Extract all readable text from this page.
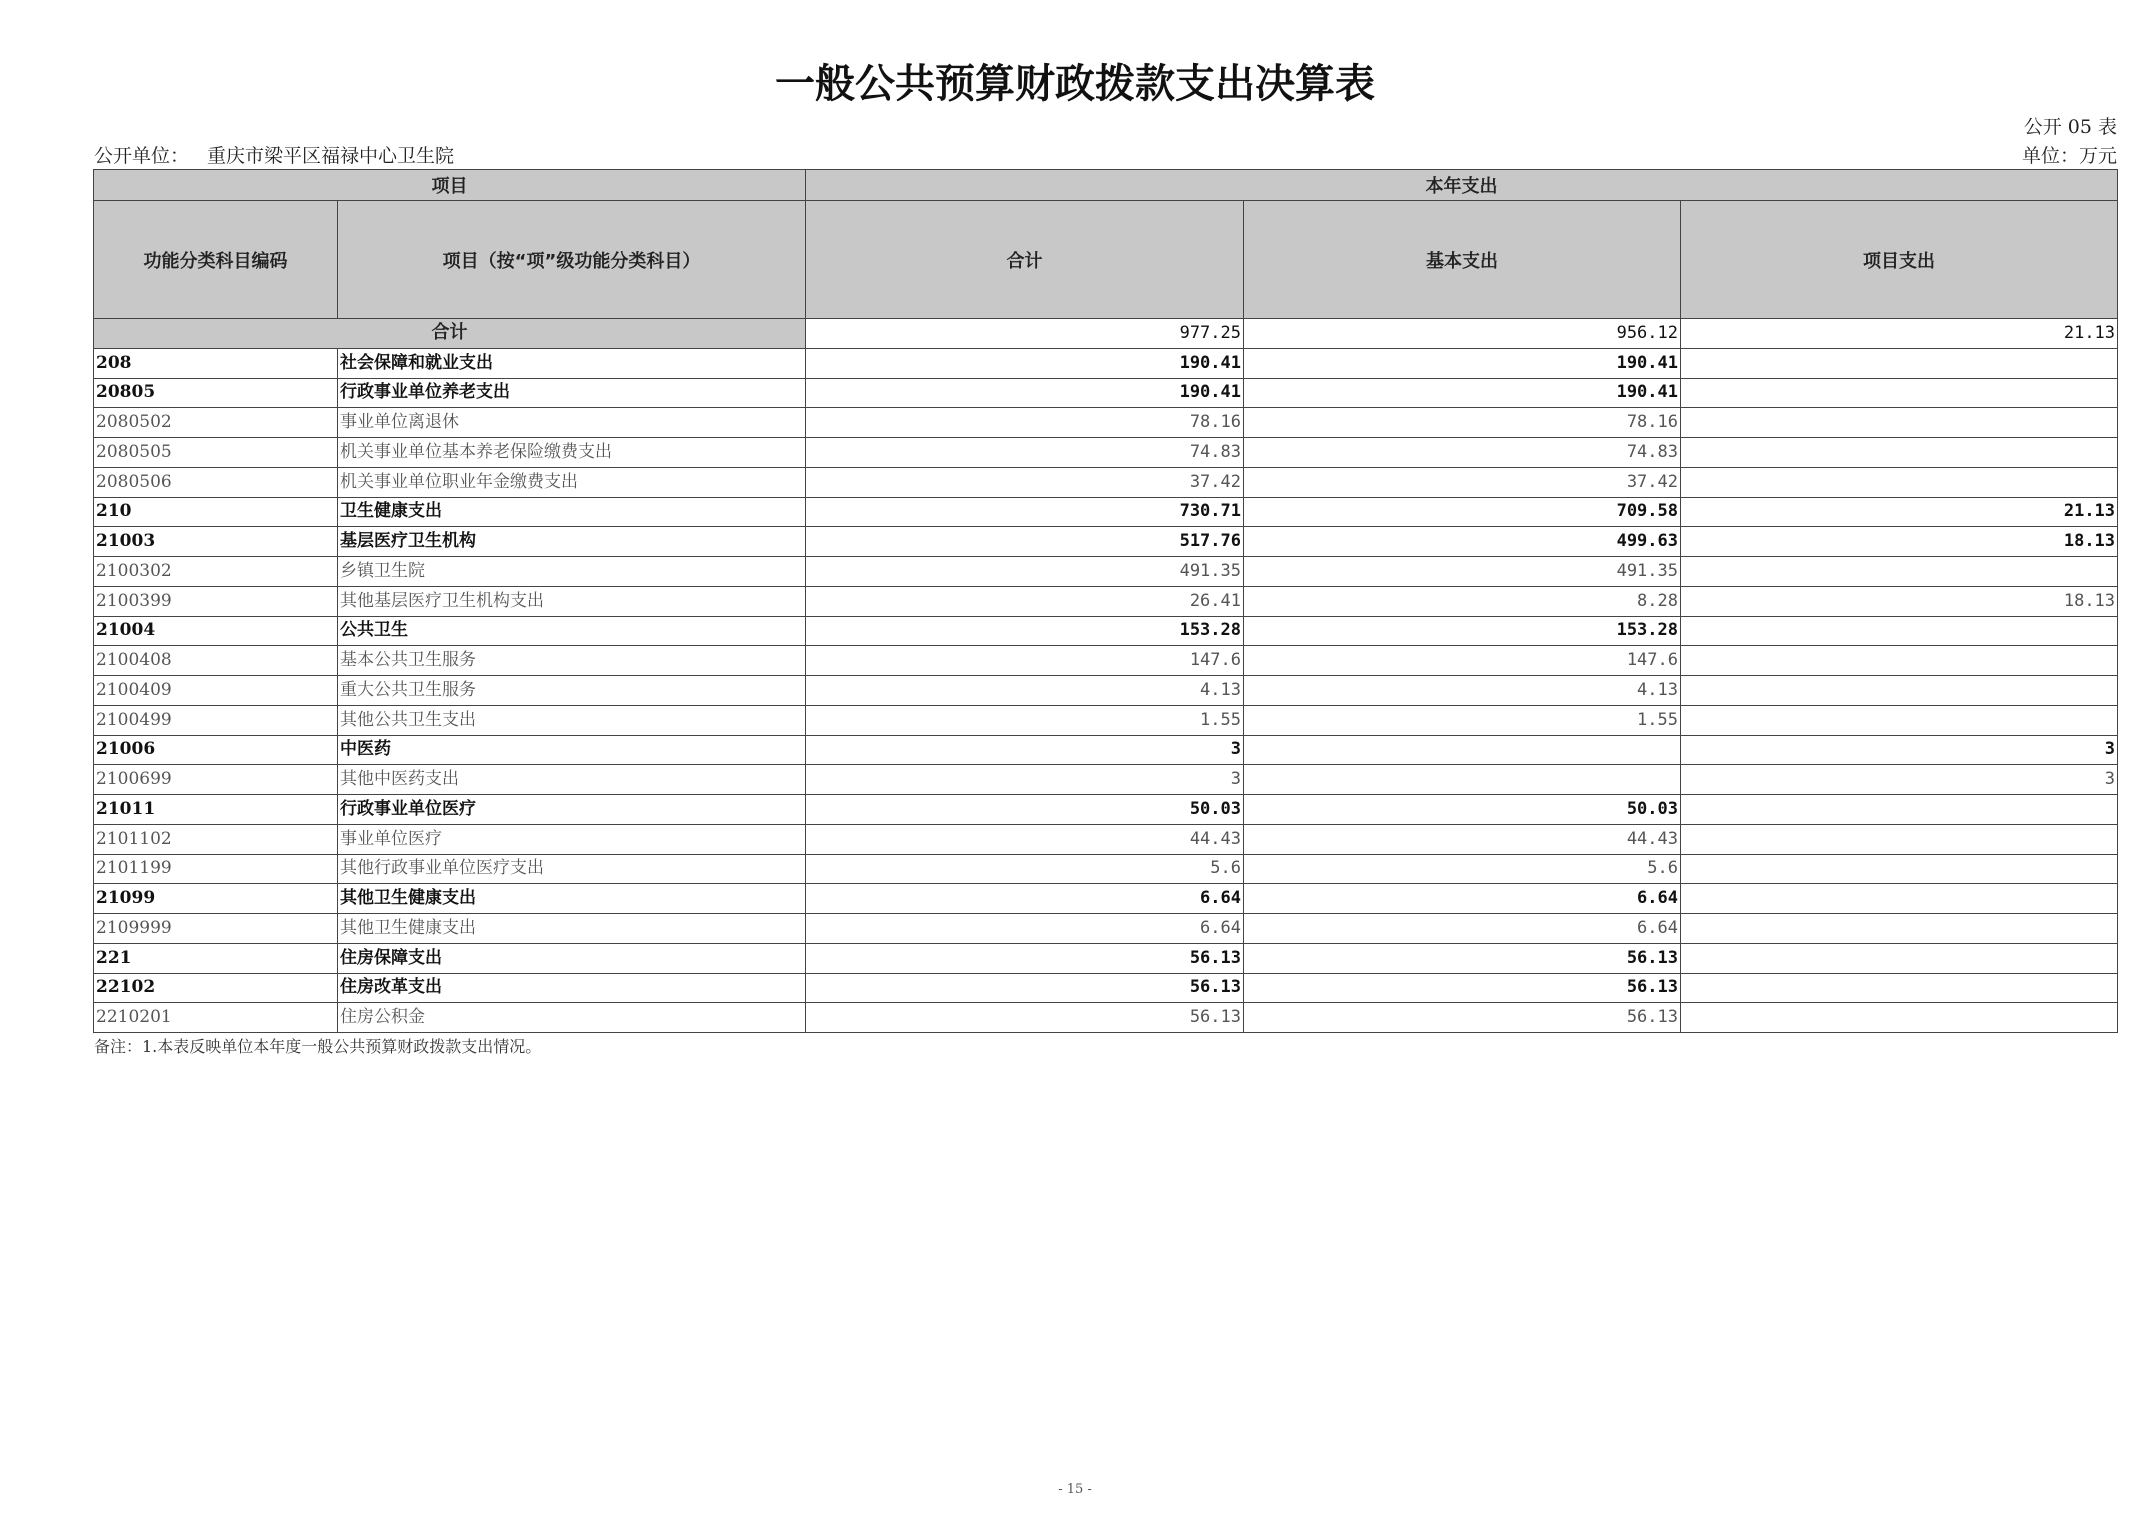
一般公共预算财政拨款支出决算表
公开 05 表
公开单位： 重庆市梁平区福禄中心卫生院	单位：万元
项目		本年支出		
功能分类科目编码	项目（按“项”级功能分类科目）	合计	基本支出	项目支出
合计		977.25	956.12	21.13
208	社会保障和就业支出	190.41	190.41	
20805	行政事业单位养老支出	190.41	190.41	
2080502	事业单位离退休	78.16	78.16	
2080505	机关事业单位基本养老保险缴费支出	74.83	74.83	
2080506	机关事业单位职业年金缴费支出	37.42	37.42	
210	卫生健康支出	730.71	709.58	21.13
21003	基层医疗卫生机构	517.76	499.63	18.13
2100302	乡镇卫生院	491.35	491.35	
2100399	其他基层医疗卫生机构支出	26.41	8.28	18.13
21004	公共卫生	153.28	153.28	
2100408	基本公共卫生服务	147.6	147.6	
2100409	重大公共卫生服务	4.13	4.13	
2100499	其他公共卫生支出	1.55	1.55	
21006	中医药	3		3
2100699	其他中医药支出	3		3
21011	行政事业单位医疗	50.03	50.03	
2101102	事业单位医疗	44.43	44.43	
2101199	其他行政事业单位医疗支出	5.6	5.6	
21099	其他卫生健康支出	6.64	6.64	
2109999	其他卫生健康支出	6.64	6.64	
221	住房保障支出	56.13	56.13	
22102	住房改革支出	56.13	56.13	
2210201	住房公积金	56.13	56.13	
备注：1.本表反映单位本年度一般公共预算财政拨款支出情况。
- 15 -
